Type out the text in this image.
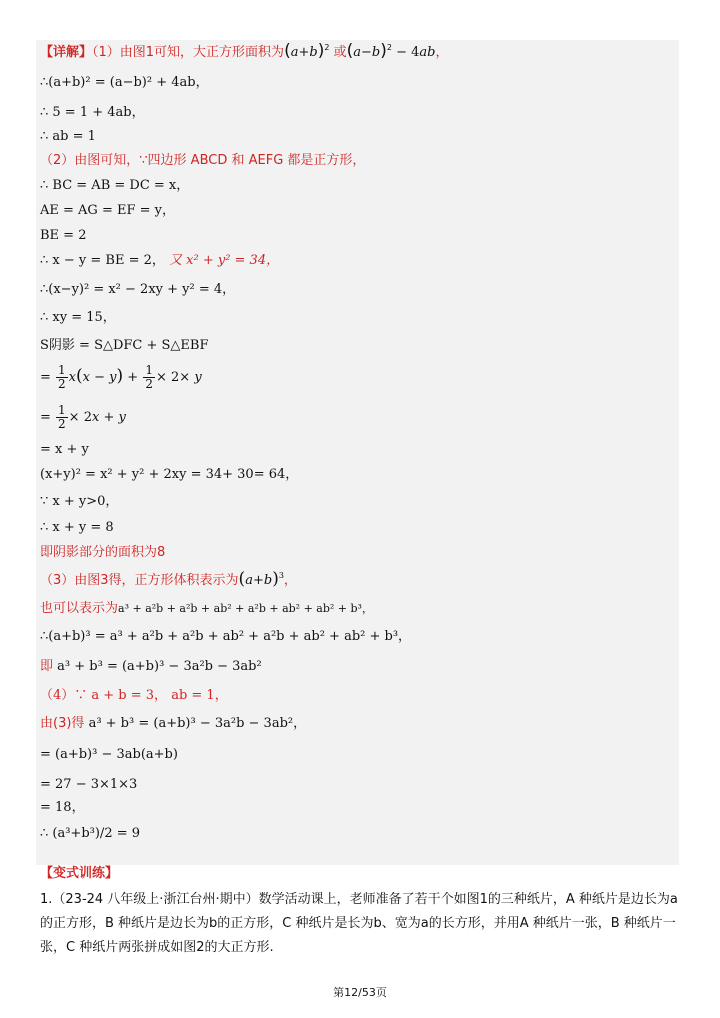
【详解】（1）由图1可知，大正方形面积为$(a+b)^2$ 或$(a-b)^2 - 4ab$，
∴(a+b)² = (a−b)² + 4ab，
∴ 5 = 1 + 4ab，
∴ ab = 1
（2）由图可知，∵四边形 ABCD 和 AEFG 都是正方形，
∴ BC = AB = DC = x，
AE = AG = EF = y，
BE = 2
∴ x − y = BE = 2， 又 x² + y² = 34，
∴(x−y)² = x² − 2xy + y² = 4，
∴ xy = 15，
S阴影 = S△DFC + S△EBF
= $\frac{1}{2} x(x - y) + \frac{1}{2} \times 2\times y$
= $\frac{1}{2} \times 2x + y$
= x + y
(x+y)² = x² + y² + 2xy = 34+ 30= 64，
∵ x + y>0，
∴ x + y = 8
即阴影部分的面积为8
（3）由图3得，正方形体积表示为$(a+b)^3$，
也可以表示为a³ + a²b + a²b + ab² + a²b + ab² + ab² + b³，
∴(a+b)³ = a³ + a²b + a²b + ab² + a²b + ab² + ab² + b³，
即 a³ + b³ = (a+b)³ − 3a²b − 3ab²
（4）∵ a + b = 3， ab = 1，
由(3)得 a³ + b³ = (a+b)³ − 3a²b − 3ab²，
= (a+b)³ − 3ab(a+b)
= 27 − 3×1×3
= 18，
∴ (a³+b³)/2 = 9
【变式训练】
1.（23-24 八年级上·浙江台州·期中）数学活动课上，老师准备了若干个如图1的三种纸片，A 种纸片是边长为a的正方形，B 种纸片是边长为b的正方形，C 种纸片是长为b、宽为a的长方形，并用A 种纸片一张，B 种纸片一张，C 种纸片两张拼成如图2的大正方形.
第12/53页
